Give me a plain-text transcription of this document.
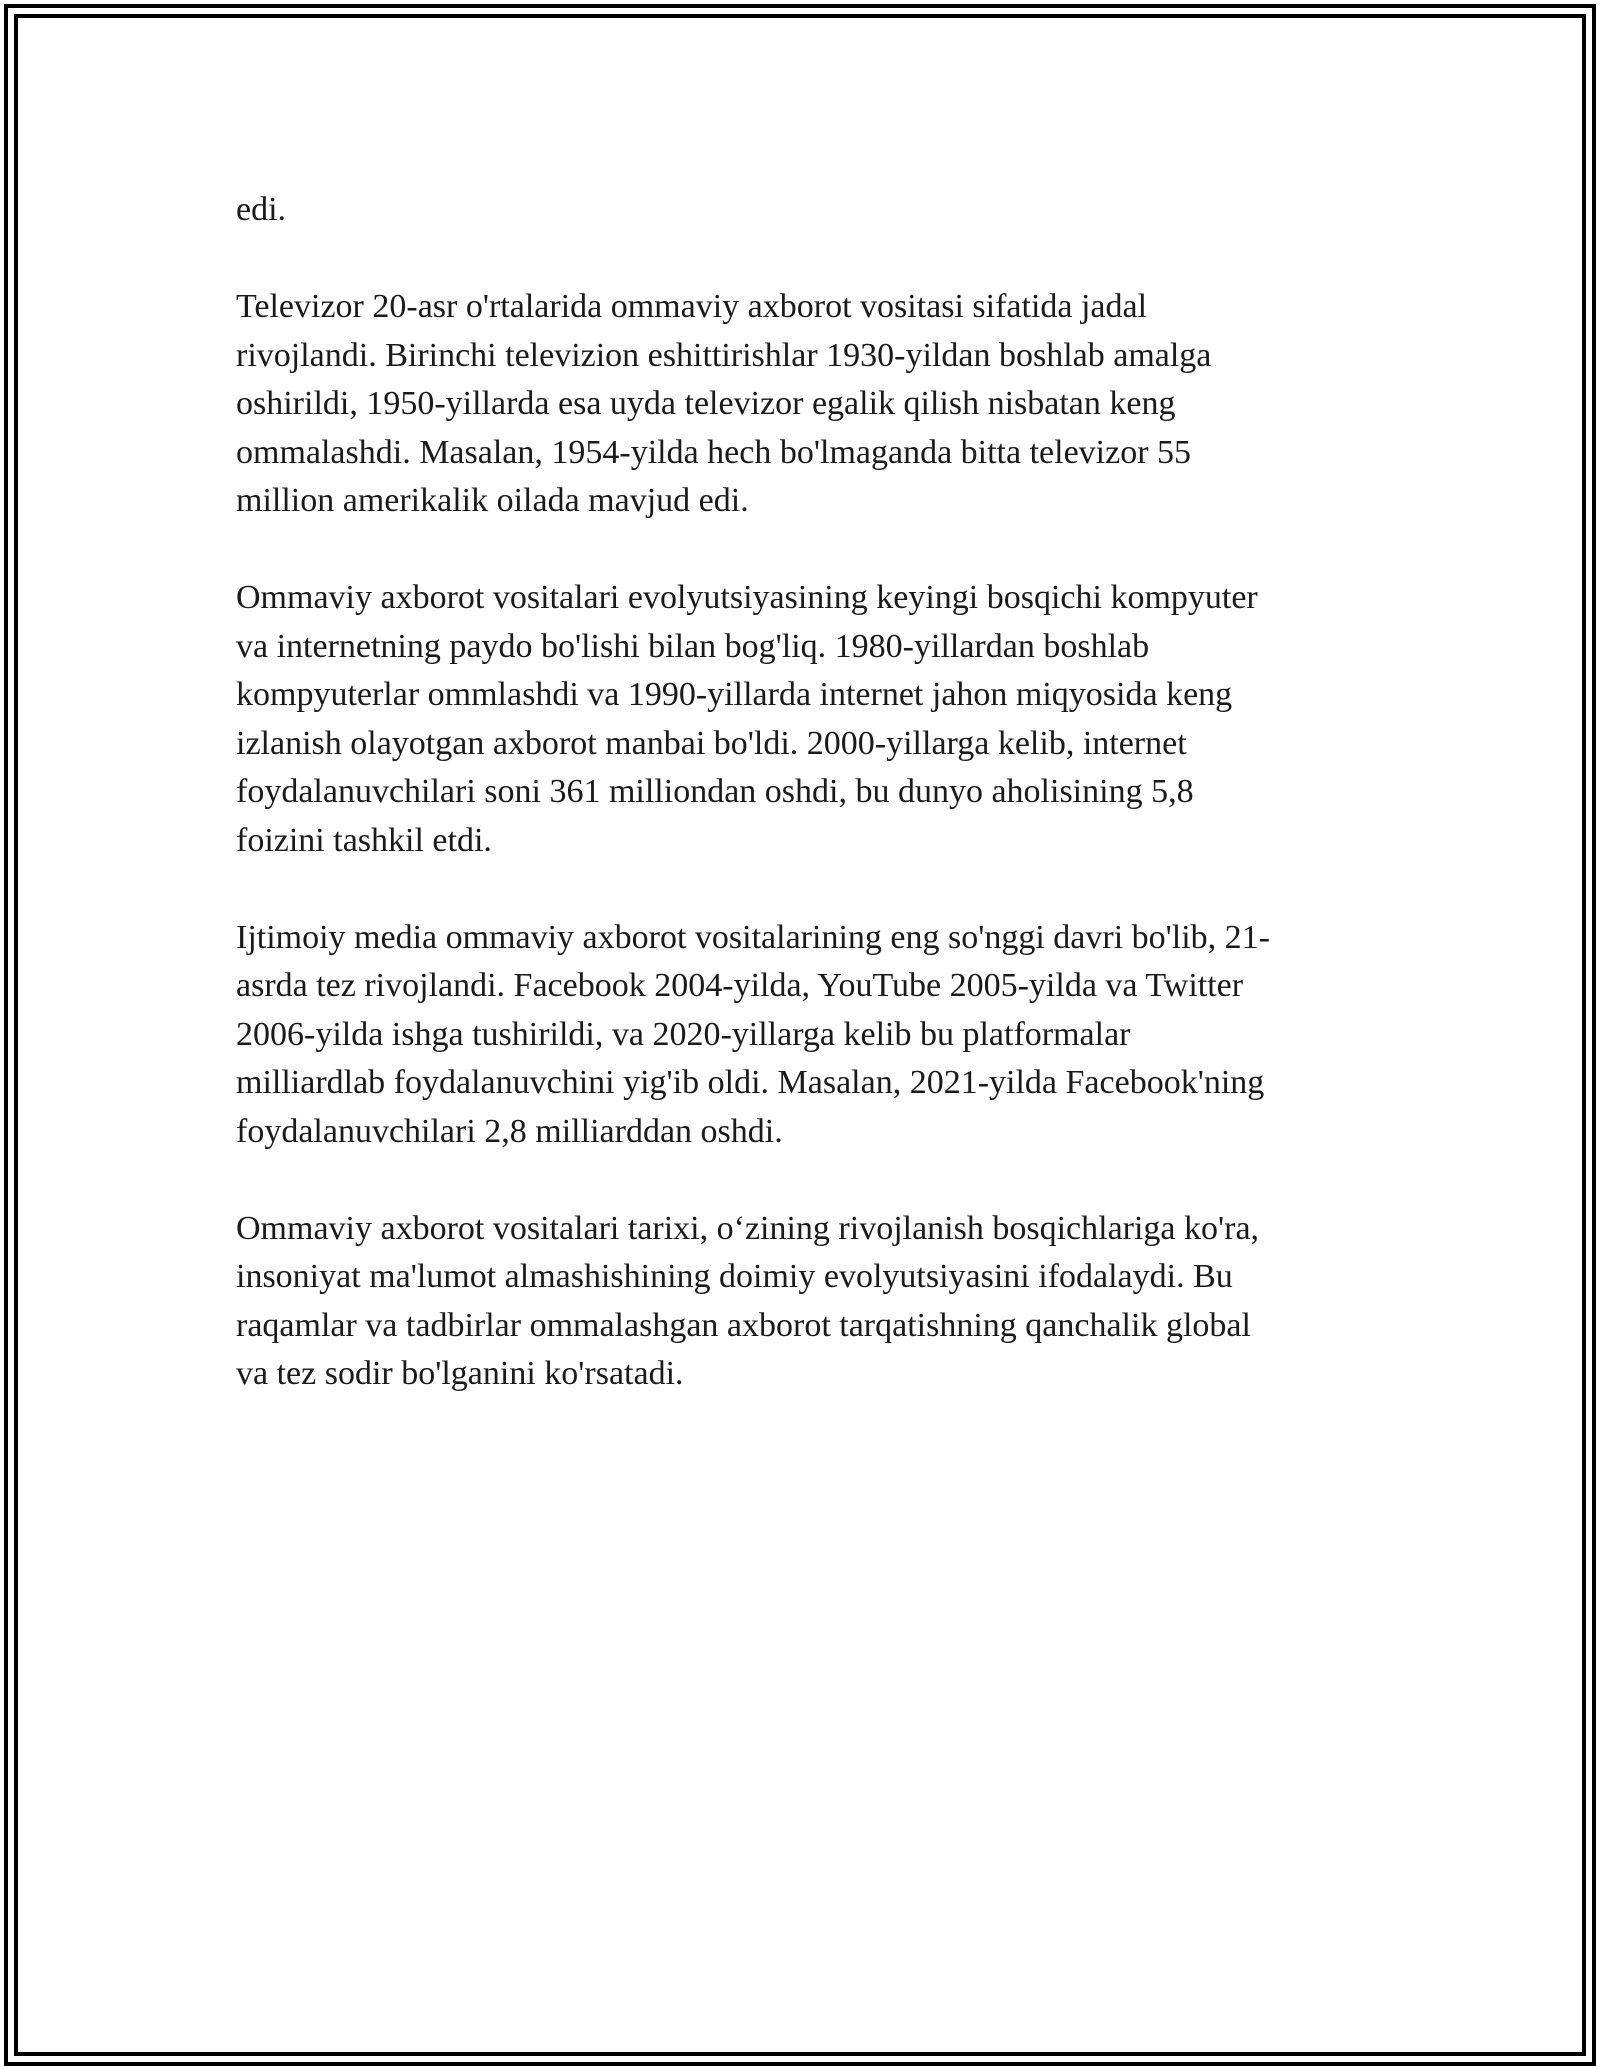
edi.

Televizor 20-asr o'rtalarida ommaviy axborot vositasi sifatida jadal
rivojlandi. Birinchi televizion eshittirishlar 1930-yildan boshlab amalga
oshirildi, 1950-yillarda esa uyda televizor egalik qilish nisbatan keng
ommalashdi. Masalan, 1954-yilda hech bo'lmaganda bitta televizor 55
million amerikalik oilada mavjud edi.

Ommaviy axborot vositalari evolyutsiyasining keyingi bosqichi kompyuter
va internetning paydo bo'lishi bilan bog'liq. 1980-yillardan boshlab
kompyuterlar ommlashdi va 1990-yillarda internet jahon miqyosida keng
izlanish olayotgan axborot manbai bo'ldi. 2000-yillarga kelib, internet
foydalanuvchilari soni 361 milliondan oshdi, bu dunyo aholisining 5,8
foizini tashkil etdi.

Ijtimoiy media ommaviy axborot vositalarining eng so'nggi davri bo'lib, 21-
asrda tez rivojlandi. Facebook 2004-yilda, YouTube 2005-yilda va Twitter
2006-yilda ishga tushirildi, va 2020-yillarga kelib bu platformalar
milliardlab foydalanuvchini yig'ib oldi. Masalan, 2021-yilda Facebook'ning
foydalanuvchilari 2,8 milliarddan oshdi.

Ommaviy axborot vositalari tarixi, o‘zining rivojlanish bosqichlariga ko'ra,
insoniyat ma'lumot almashishining doimiy evolyutsiyasini ifodalaydi. Bu
raqamlar va tadbirlar ommalashgan axborot tarqatishning qanchalik global
va tez sodir bo'lganini ko'rsatadi.
